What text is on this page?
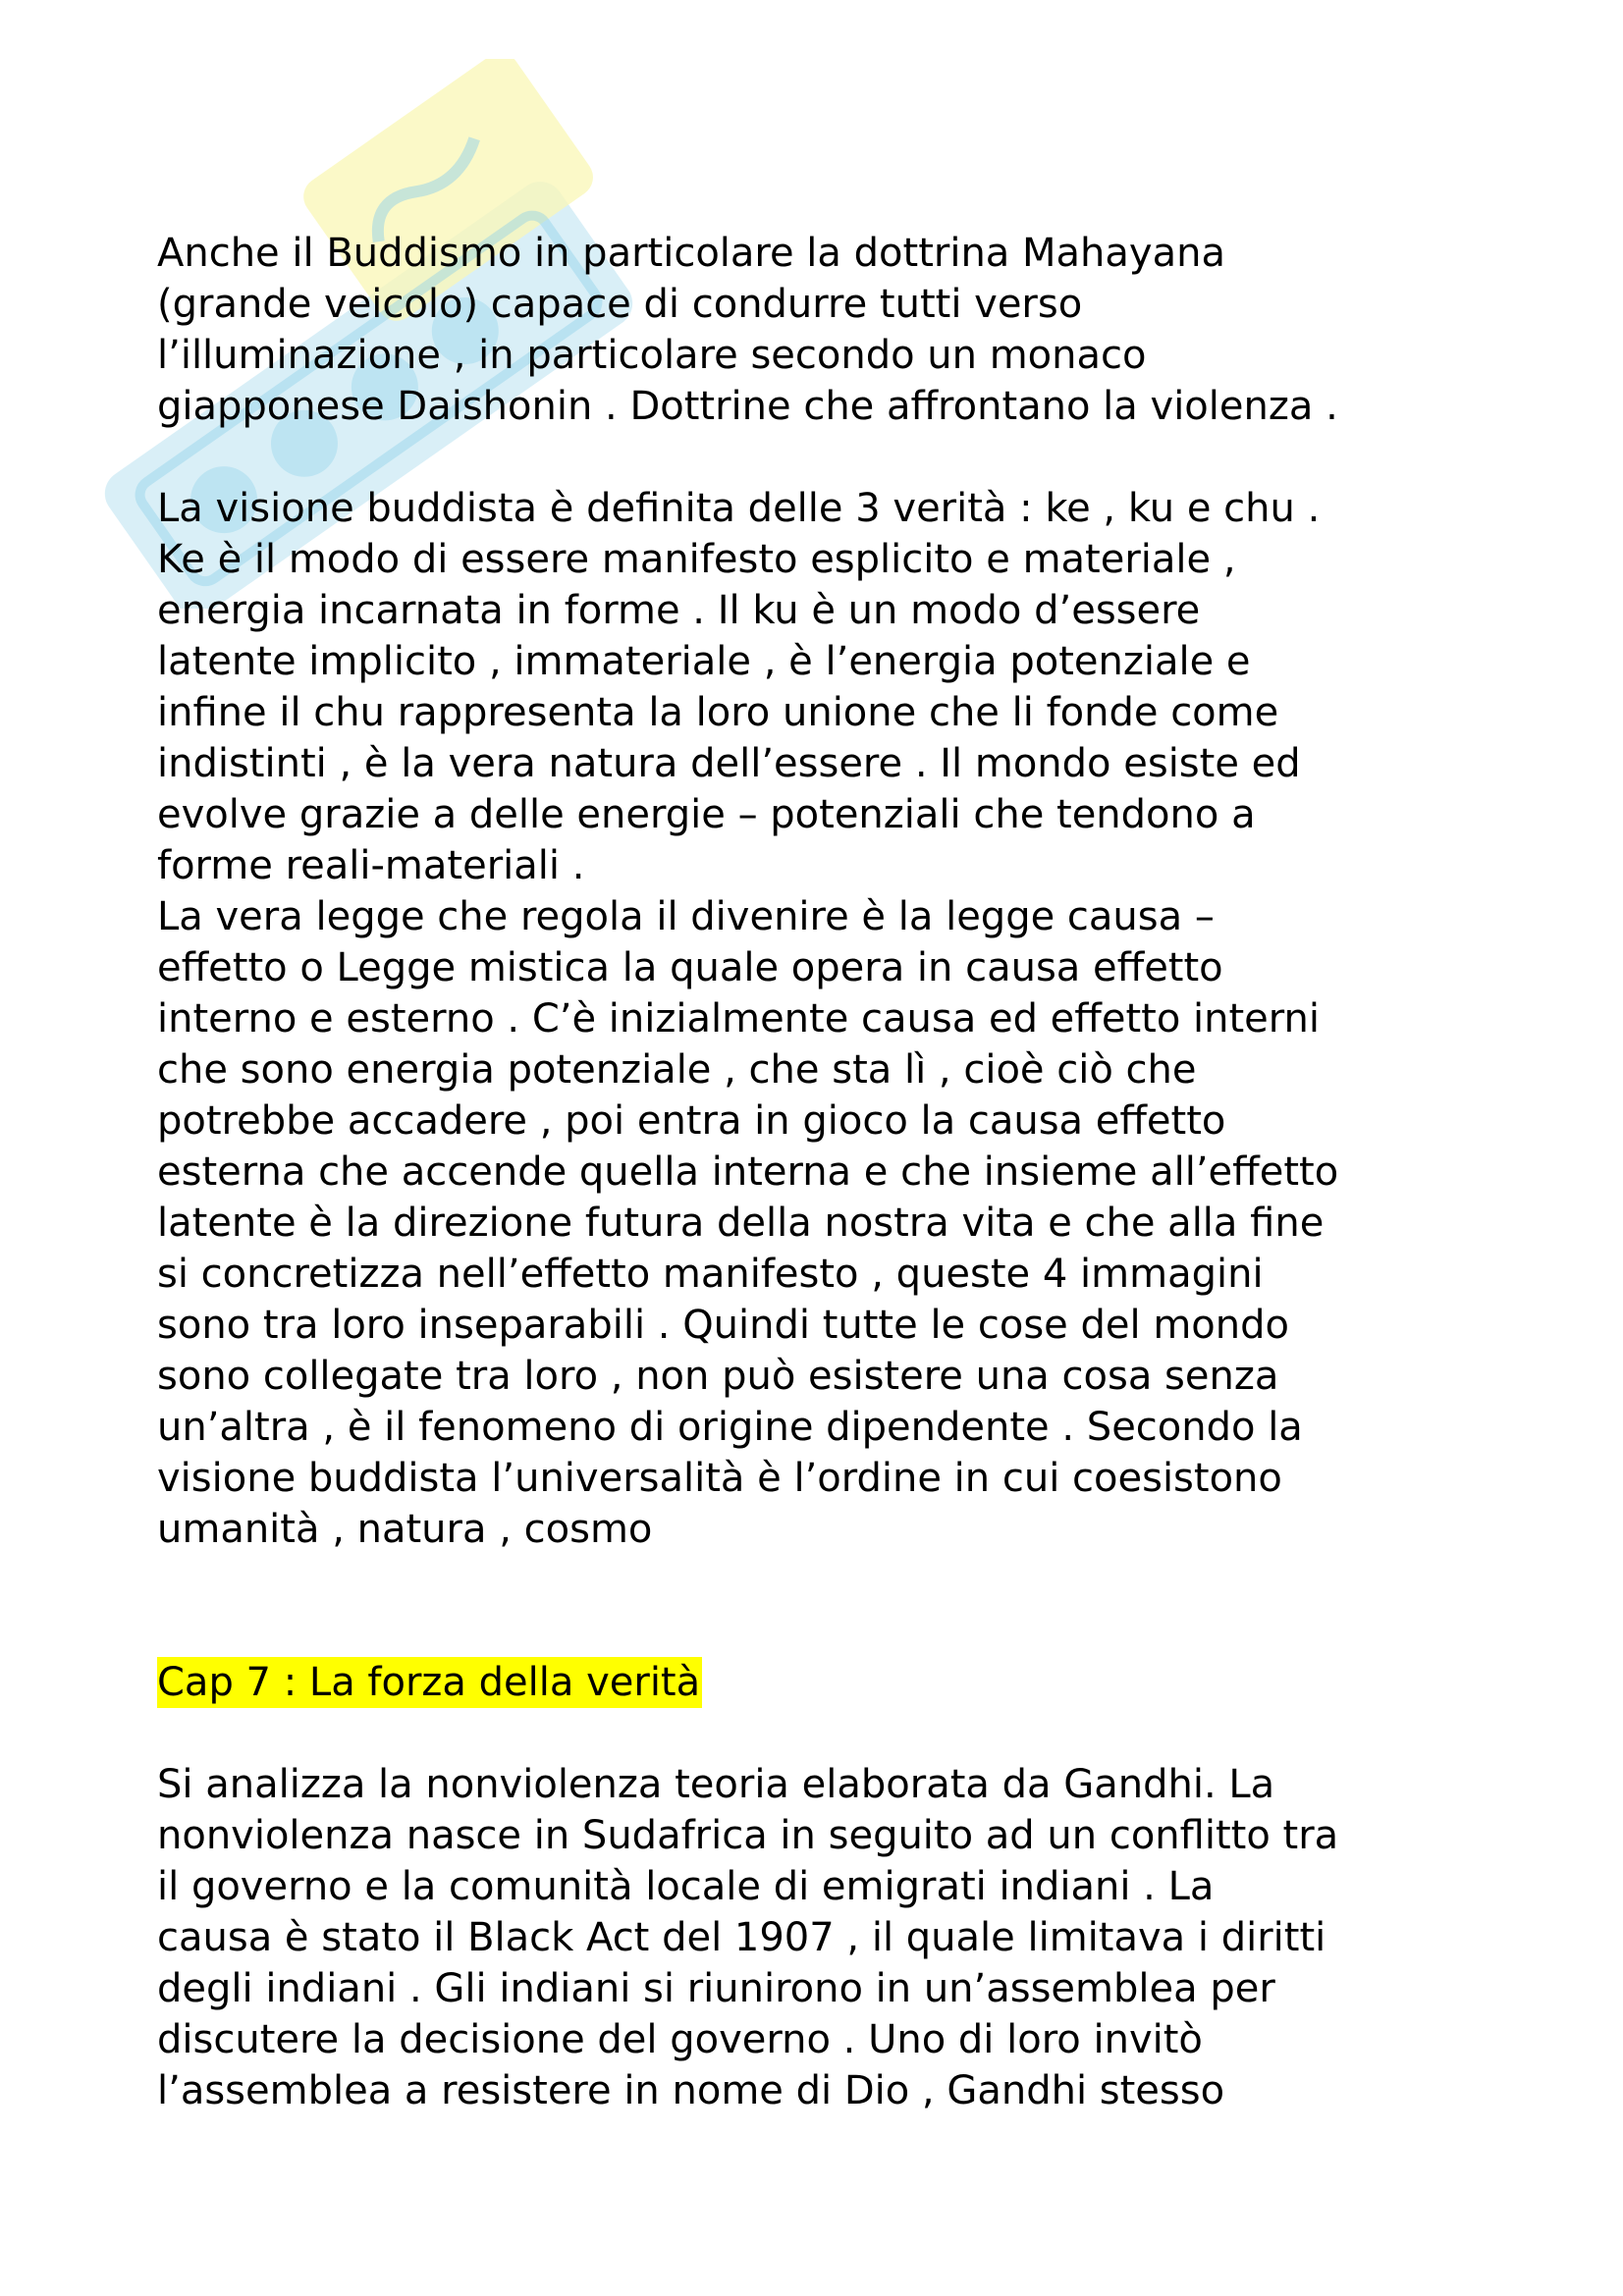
Anche il Buddismo in particolare la dottrina Mahayana
(grande veicolo) capace di condurre tutti verso
l’illuminazione , in particolare secondo un monaco
giapponese Daishonin . Dottrine che affrontano la violenza .
La visione buddista è definita delle 3 verità : ke , ku e chu .
Ke è il modo di essere manifesto esplicito e materiale ,
energia incarnata in forme . Il ku è un modo d’essere
latente implicito , immateriale , è l’energia potenziale e
infine il chu rappresenta la loro unione che li fonde come
indistinti , è la vera natura dell’essere . Il mondo esiste ed
evolve grazie a delle energie – potenziali che tendono a
forme reali-materiali .
La vera legge che regola il divenire è la legge causa –
effetto o Legge mistica la quale opera in causa effetto
interno e esterno . C’è inizialmente causa ed effetto interni
che sono energia potenziale , che sta lì , cioè ciò che
potrebbe accadere , poi entra in gioco la causa effetto
esterna che accende quella interna e che insieme all’effetto
latente è la direzione futura della nostra vita e che alla fine
si concretizza nell’effetto manifesto , queste 4 immagini
sono tra loro inseparabili . Quindi tutte le cose del mondo
sono collegate tra loro , non può esistere una cosa senza
un’altra , è il fenomeno di origine dipendente . Secondo la
visione buddista l’universalità è l’ordine in cui coesistono
umanità , natura , cosmo
Cap 7 : La forza della verità
Si analizza la nonviolenza teoria elaborata da Gandhi. La
nonviolenza nasce in Sudafrica in seguito ad un conflitto tra
il governo e la comunità locale di emigrati indiani . La
causa è stato il Black Act del 1907 , il quale limitava i diritti
degli indiani . Gli indiani si riunirono in un’assemblea per
discutere la decisione del governo . Uno di loro invitò
l’assemblea a resistere in nome di Dio , Gandhi stesso
